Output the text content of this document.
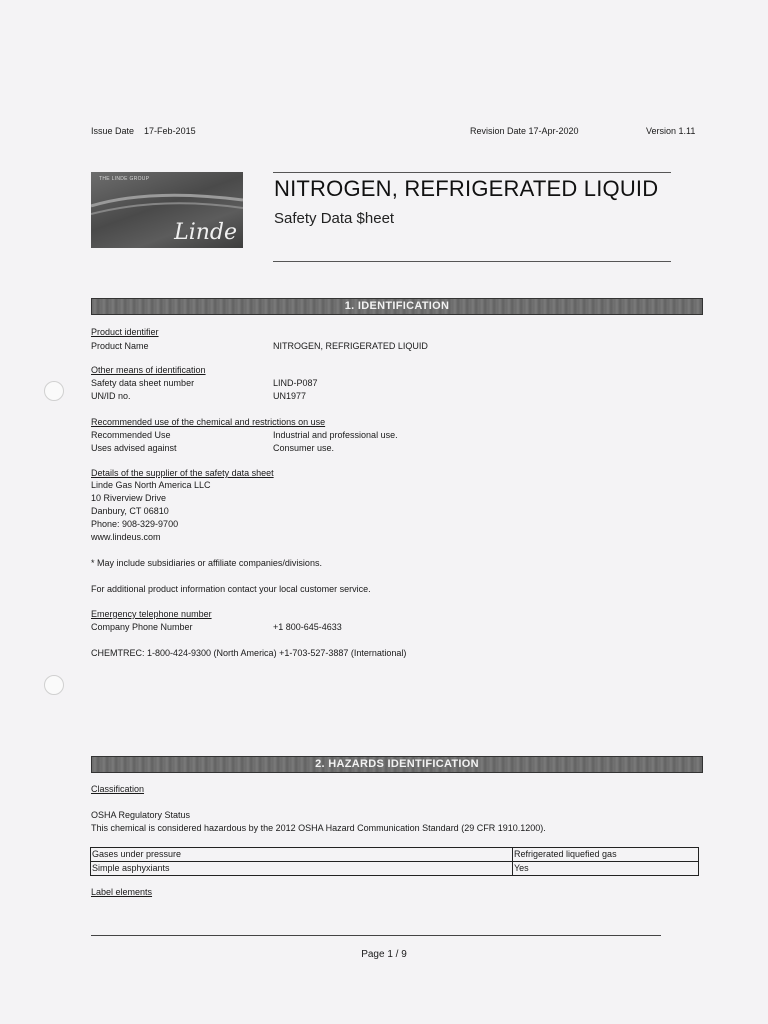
Issue Date 17-Feb-2015	Revision Date 17-Apr-2020	Version 1.11
THE LINDE GROUP
Linde
NITROGEN, REFRIGERATED LIQUID
Safety Data $heet
1. IDENTIFICATION
Product identifier
Product Name	NITROGEN, REFRIGERATED LIQUID
Other means of identification
Safety data sheet number	LIND-P087
UN/ID no.	UN1977
Recommended use of the chemical and restrictions on use
Recommended Use	Industrial and professional use.
Uses advised against	Consumer use.
Details of the supplier of the safety data sheet
Linde Gas North America LLC
10 Riverview Drive
Danbury, CT 06810
Phone: 908-329-9700
www.lindeus.com
* May include subsidiaries or affiliate companies/divisions.
For additional product information contact your local customer service.
Emergency telephone number
Company Phone Number	+1 800-645-4633
CHEMTREC: 1-800-424-9300 (North America) +1-703-527-3887 (International)
2. HAZARDS IDENTIFICATION
Classification
OSHA Regulatory Status
This chemical is considered hazardous by the 2012 OSHA Hazard Communication Standard (29 CFR 1910.1200).
Gases under pressure	Refrigerated liquefied gas
Simple asphyxiants	Yes
Label elements
Page 1 / 9
